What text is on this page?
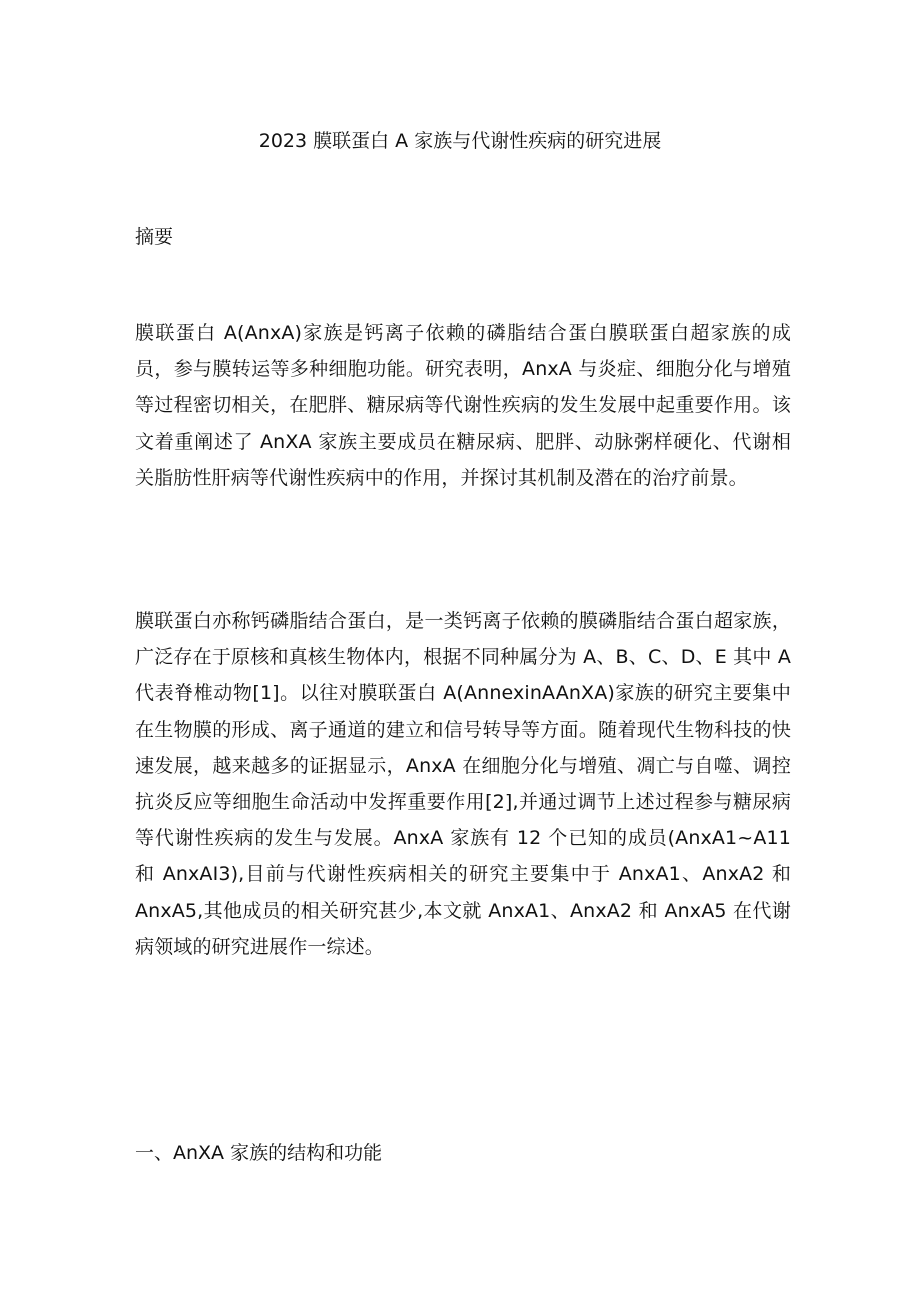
2023 膜联蛋白 A 家族与代谢性疾病的研究进展
摘要

膜联蛋白 A(AnxA)家族是钙离子依赖的磷脂结合蛋白膜联蛋白超家族的成员，参与膜转运等多种细胞功能。研究表明，AnxA 与炎症、细胞分化与增殖等过程密切相关，在肥胖、糖尿病等代谢性疾病的发生发展中起重要作用。该文着重阐述了 AnXA 家族主要成员在糖尿病、肥胖、动脉粥样硬化、代谢相关脂肪性肝病等代谢性疾病中的作用，并探讨其机制及潜在的治疗前景。

膜联蛋白亦称钙磷脂结合蛋白，是一类钙离子依赖的膜磷脂结合蛋白超家族，广泛存在于原核和真核生物体内，根据不同种属分为 A、B、C、D、E 其中 A 代表脊椎动物[1]。以往对膜联蛋白 A(AnnexinAAnXA)家族的研究主要集中在生物膜的形成、离子通道的建立和信号转导等方面。随着现代生物科技的快速发展，越来越多的证据显示，AnxA 在细胞分化与增殖、凋亡与自噬、调控抗炎反应等细胞生命活动中发挥重要作用[2],并通过调节上述过程参与糖尿病等代谢性疾病的发生与发展。AnxA 家族有 12 个已知的成员(AnxA1~A11 和 AnxAI3),目前与代谢性疾病相关的研究主要集中于 AnxA1、AnxA2 和 AnxA5,其他成员的相关研究甚少,本文就 AnxA1、AnxA2 和 AnxA5 在代谢病领域的研究进展作一综述。

一、AnXA 家族的结构和功能
